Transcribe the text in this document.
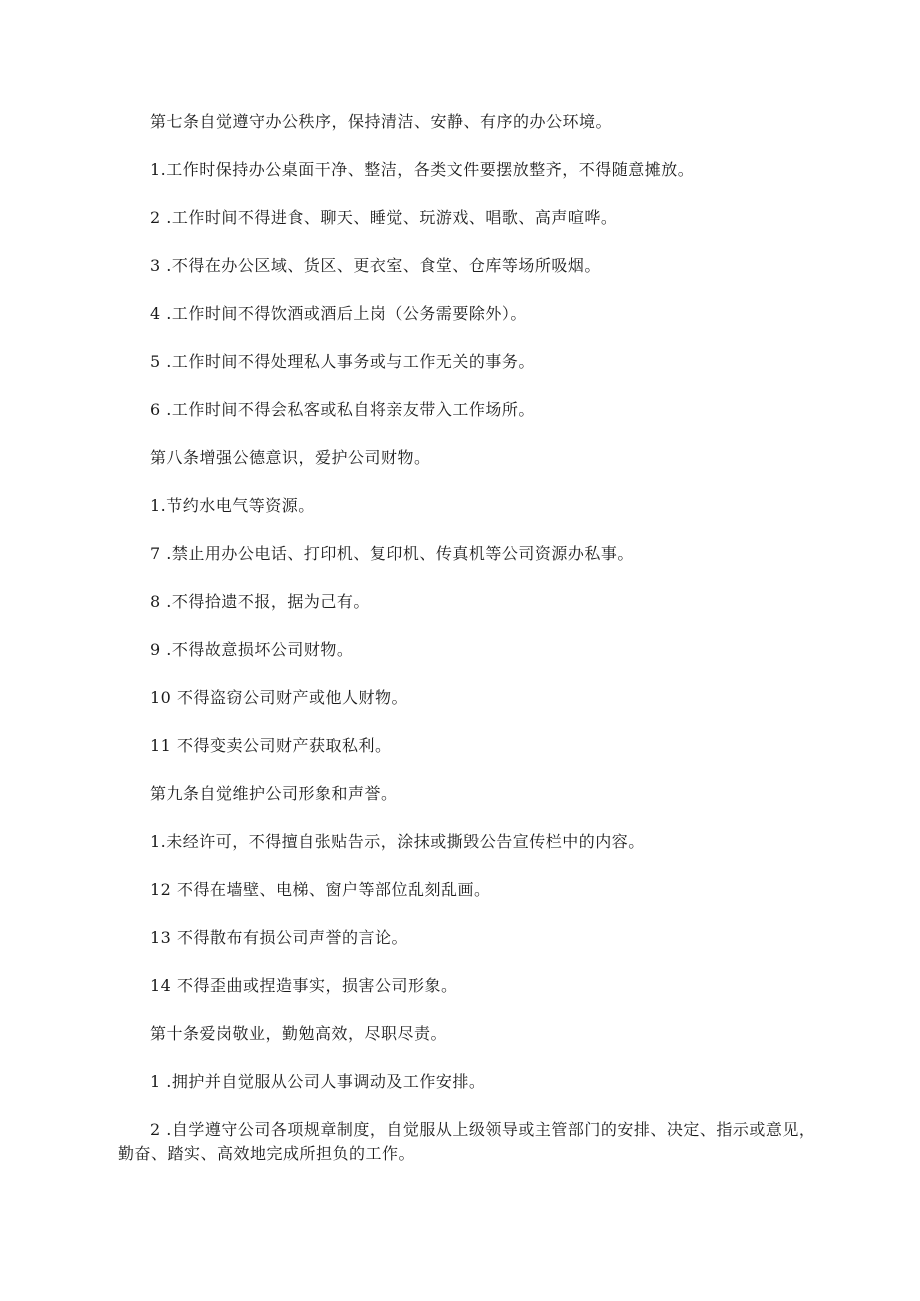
第七条自觉遵守办公秩序，保持清洁、安静、有序的办公环境。
1.工作时保持办公桌面干净、整洁，各类文件要摆放整齐，不得随意摊放。
2 .工作时间不得进食、聊天、睡觉、玩游戏、唱歌、高声喧哗。
3 .不得在办公区域、货区、更衣室、食堂、仓库等场所吸烟。
4 .工作时间不得饮酒或酒后上岗（公务需要除外）。
5 .工作时间不得处理私人事务或与工作无关的事务。
6 .工作时间不得会私客或私自将亲友带入工作场所。
第八条增强公德意识，爱护公司财物。
1.节约水电气等资源。
7 .禁止用办公电话、打印机、复印机、传真机等公司资源办私事。
8 .不得拾遗不报，据为己有。
9 .不得故意损坏公司财物。
10 不得盗窃公司财产或他人财物。
11 不得变卖公司财产获取私利。
第九条自觉维护公司形象和声誉。
1.未经许可，不得擅自张贴告示，涂抹或撕毁公告宣传栏中的内容。
12 不得在墙壁、电梯、窗户等部位乱刻乱画。
13 不得散布有损公司声誉的言论。
14 不得歪曲或捏造事实，损害公司形象。
第十条爱岗敬业，勤勉高效，尽职尽责。
1 .拥护并自觉服从公司人事调动及工作安排。
2 .自学遵守公司各项规章制度，自觉服从上级领导或主管部门的安排、决定、指示或意见，勤奋、踏实、高效地完成所担负的工作。
